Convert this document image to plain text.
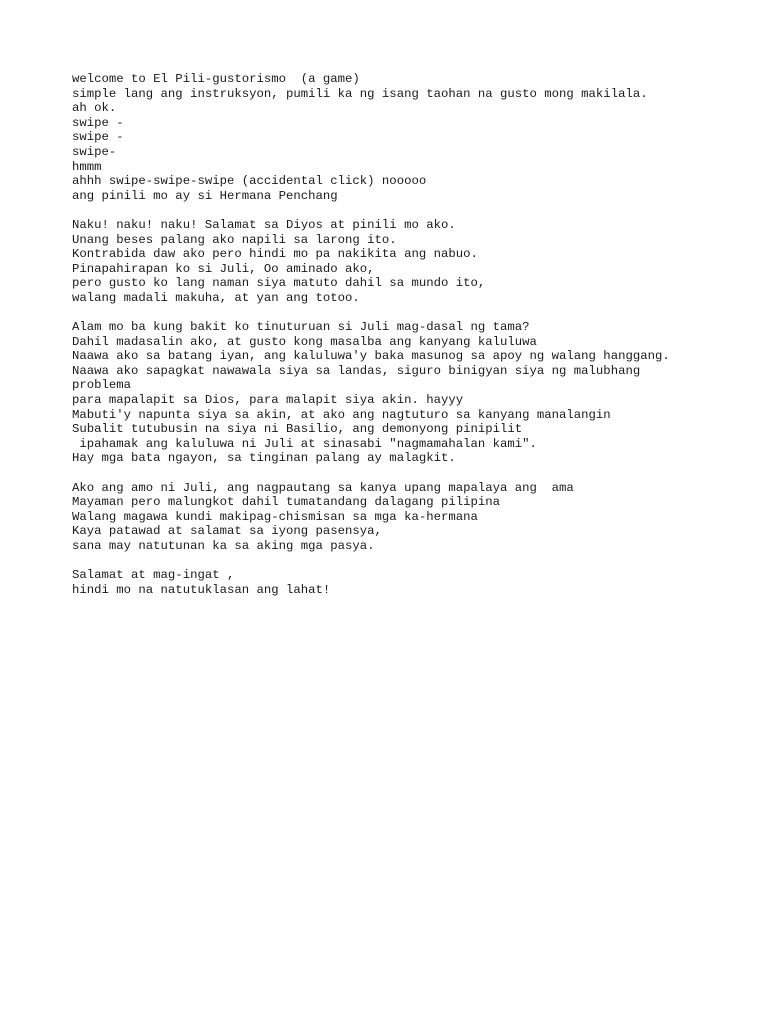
welcome to El Pili-gustorismo  (a game)
simple lang ang instruksyon, pumili ka ng isang taohan na gusto mong makilala.
ah ok.
swipe -
swipe -
swipe-
hmmm
ahhh swipe-swipe-swipe (accidental click) nooooo
ang pinili mo ay si Hermana Penchang
Naku! naku! naku! Salamat sa Diyos at pinili mo ako.
Unang beses palang ako napili sa larong ito.
Kontrabida daw ako pero hindi mo pa nakikita ang nabuo.
Pinapahirapan ko si Juli, Oo aminado ako,
pero gusto ko lang naman siya matuto dahil sa mundo ito,
walang madali makuha, at yan ang totoo.
Alam mo ba kung bakit ko tinuturuan si Juli mag-dasal ng tama?
Dahil madasalin ako, at gusto kong masalba ang kanyang kaluluwa
Naawa ako sa batang iyan, ang kaluluwa'y baka masunog sa apoy ng walang hanggang.
Naawa ako sapagkat nawawala siya sa landas, siguro binigyan siya ng malubhang
problema
para mapalapit sa Dios, para malapit siya akin. hayyy
Mabuti'y napunta siya sa akin, at ako ang nagtuturo sa kanyang manalangin
Subalit tutubusin na siya ni Basilio, ang demonyong pinipilit
ipahamak ang kaluluwa ni Juli at sinasabi "nagmamahalan kami".
Hay mga bata ngayon, sa tinginan palang ay malagkit.
Ako ang amo ni Juli, ang nagpautang sa kanya upang mapalaya ang  ama
Mayaman pero malungkot dahil tumatandang dalagang pilipina
Walang magawa kundi makipag-chismisan sa mga ka-hermana
Kaya patawad at salamat sa iyong pasensya,
sana may natutunan ka sa aking mga pasya.
Salamat at mag-ingat ,
hindi mo na natutuklasan ang lahat!
